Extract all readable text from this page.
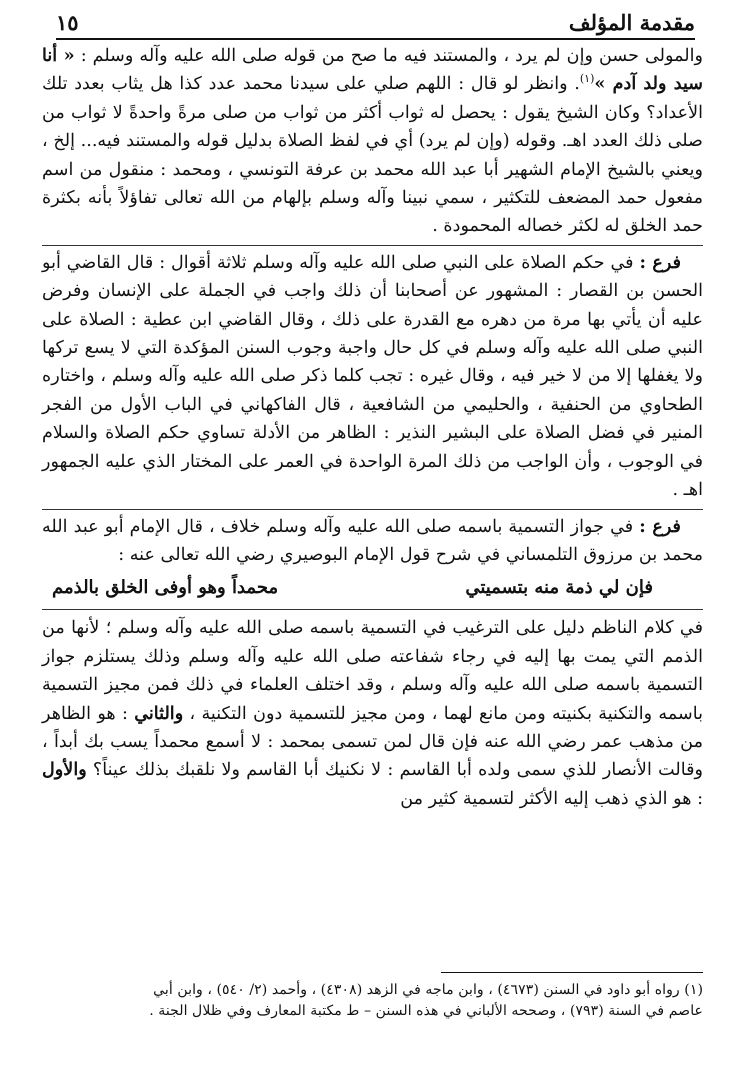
مقدمة المؤلف
١٥

والمولى حسن وإن لم يرد ، والمستند فيه ما صح من قوله صلى الله عليه وآله وسلم : « أنا سيد ولد آدم »$^{(١)}$. وانظر لو قال : اللهم صلي على سيدنا محمد عدد كذا هل يثاب بعدد تلك الأعداد؟ وكان الشيخ يقول : يحصل له ثواب أكثر من ثواب من صلى مرةً واحدةً لا ثواب من صلى ذلك العدد اهـ. وقوله (وإن لم يرد) أي في لفظ الصلاة بدليل قوله والمستند فيه... إلخ ، ويعني بالشيخ الإمام الشهير أبا عبد الله محمد بن عرفة التونسي ، ومحمد : منقول من اسم مفعول حمد المضعف للتكثير ، سمي نبينا وآله وسلم بإلهام من الله تعالى تفاؤلاً بأنه بكثرة حمد الخلق له لكثر خصاله المحمودة .

فرع : في حكم الصلاة على النبي صلى الله عليه وآله وسلم ثلاثة أقوال : قال القاضي أبو الحسن بن القصار : المشهور عن أصحابنا أن ذلك واجب في الجملة على الإنسان وفرض عليه أن يأتي بها مرة من دهره مع القدرة على ذلك ، وقال القاضي ابن عطية : الصلاة على النبي صلى الله عليه وآله وسلم في كل حال واجبة وجوب السنن المؤكدة التي لا يسع تركها ولا يغفلها إلا من لا خير فيه ، وقال غيره : تجب كلما ذكر صلى الله عليه وآله وسلم ، واختاره الطحاوي من الحنفية ، والحليمي من الشافعية ، قال الفاكهاني في الباب الأول من الفجر المنير في فضل الصلاة على البشير النذير : الظاهر من الأدلة تساوي حكم الصلاة والسلام في الوجوب ، وأن الواجب من ذلك المرة الواحدة في العمر على المختار الذي عليه الجمهور اهـ .

فرع : في جواز التسمية باسمه صلى الله عليه وآله وسلم خلاف ، قال الإمام أبو عبد الله محمد بن مرزوق التلمساني في شرح قول الإمام البوصيري رضي الله تعالى عنه :

فإن لي ذمة منه بتسميتي
محمداً وهو أوفى الخلق بالذمم

في كلام الناظم دليل على الترغيب في التسمية باسمه صلى الله عليه وآله وسلم ؛ لأنها من الذمم التي يمت بها إليه في رجاء شفاعته صلى الله عليه وآله وسلم وذلك يستلزم جواز التسمية باسمه صلى الله عليه وآله وسلم ، وقد اختلف العلماء في ذلك فمن مجيز التسمية باسمه والتكنية بكنيته ومن مانع لهما ، ومن مجيز للتسمية دون التكنية ، والثاني : هو الظاهر من مذهب عمر رضي الله عنه فإن قال لمن تسمى بمحمد : لا أسمع محمداً يسب بك أبداً ، وقالت الأنصار للذي سمى ولده أبا القاسم : لا نكنيك أبا القاسم ولا نلقبك بذلك عيناً؟ والأول : هو الذي ذهب إليه الأكثر لتسمية كثير من

(١) رواه أبو داود في السنن (٤٦٧٣) ، وابن ماجه في الزهد (٤٣٠٨) ، وأحمد (٢/ ٥٤٠) ، وابن أبي

عاصم في السنة (٧٩٣) ، وصححه الألباني في هذه السنن – ط مكتبة المعارف وفي ظلال الجنة .
